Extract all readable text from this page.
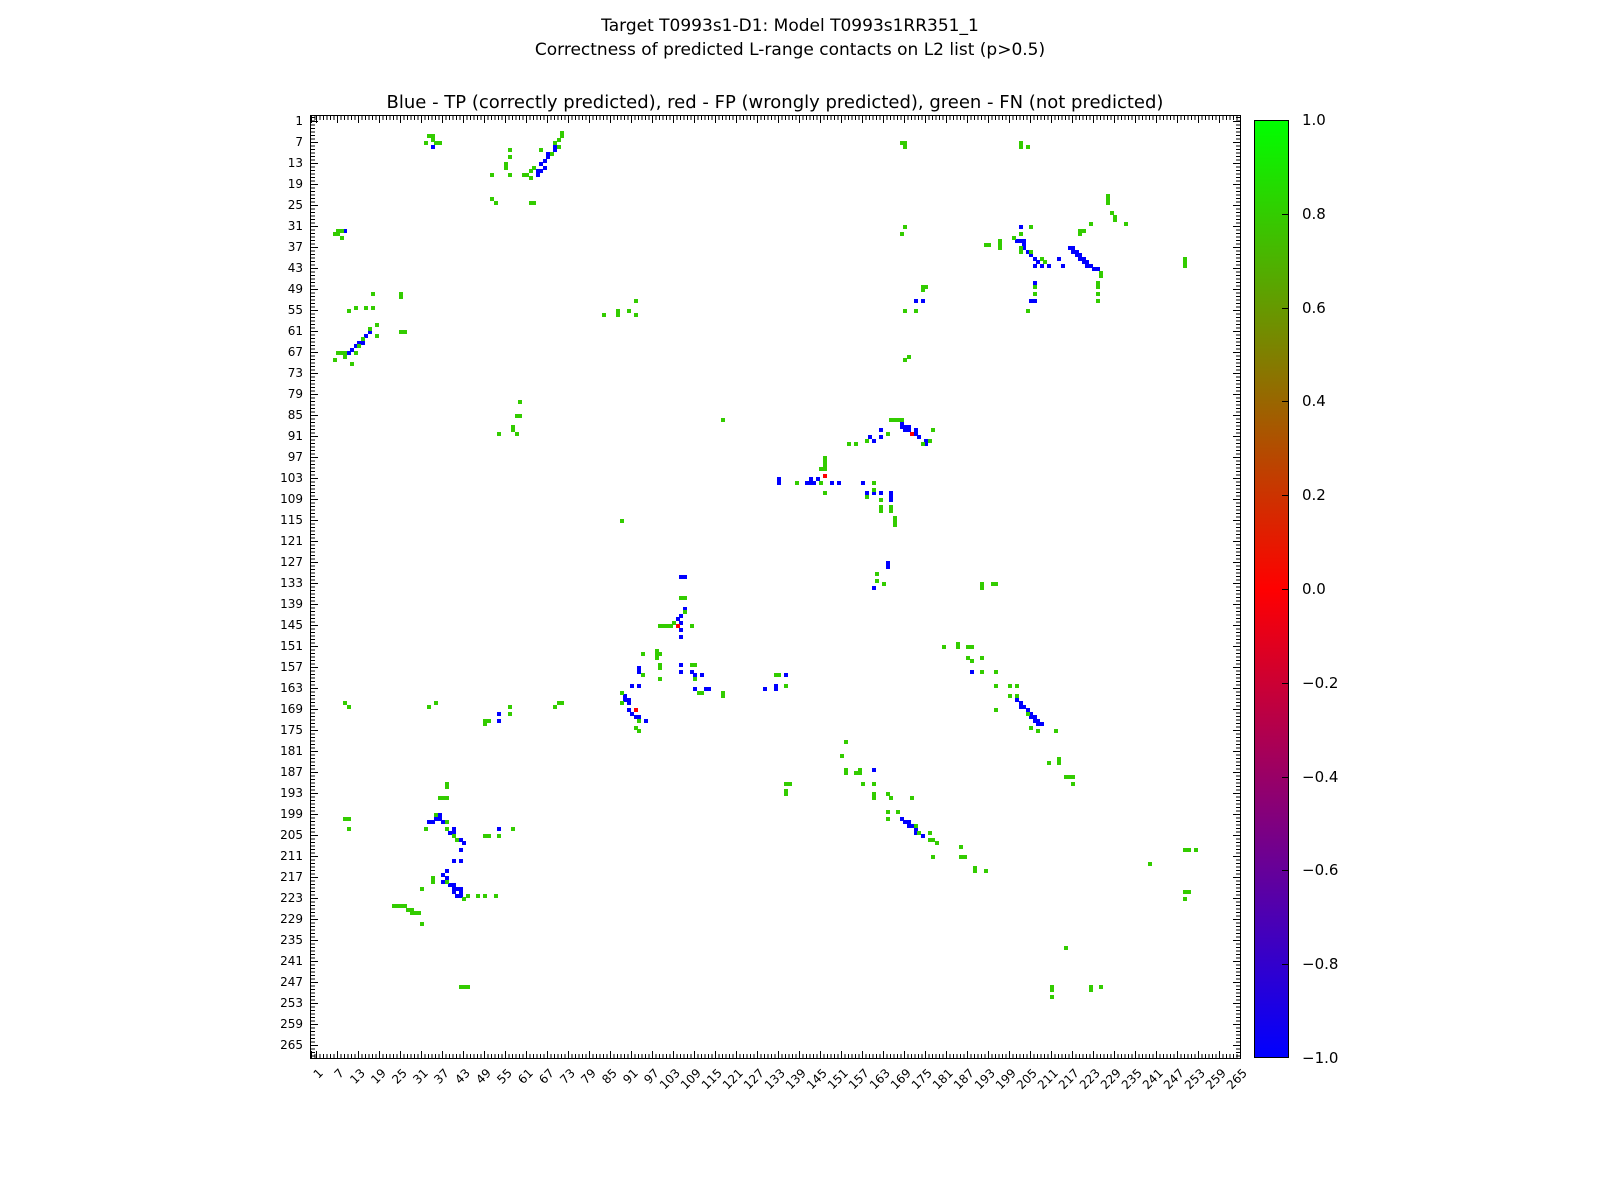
Target T0993s1-D1: Model T0993s1RR351_1
Correctness of predicted L-range contacts on L2 list (p>0.5)
Blue - TP (correctly predicted), red - FP (wrongly predicted), green - FN (not predicted)
1
7
13
19
25
31
37
43
49
55
61
67
73
79
85
91
97
103
109
115
121
127
133
139
145
151
157
163
169
175
181
187
193
199
205
211
217
223
229
235
241
247
253
259
265
1 7 13 19 25 31 37 43 49 55 61 67 73 79 85 91 97
103
109
115
121
127
133
139
145
151
157
163
169
175
181
187
193
199
205
211
217
223
229
235
241
247
253
259
265
1.0
0.8
0.6
0.4
0.2
0.0
−0.2
−0.4
−0.6
−0.8
−1.0
